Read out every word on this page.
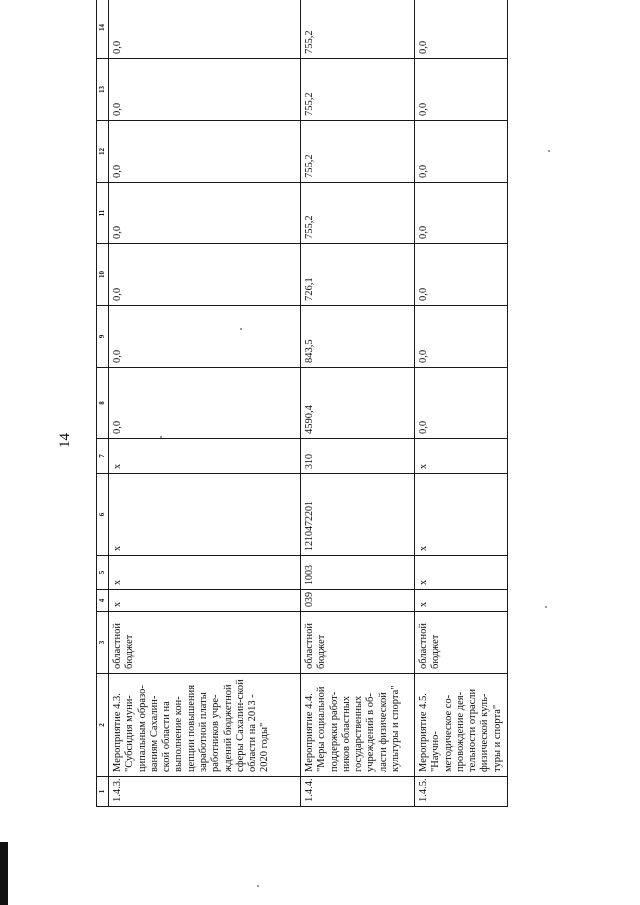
14
1	2	3	4	5	6	7	8	9	10	11	12	13	14
1.4.3.	Мероприятие 4.3. "Субсидия муни-ципальным образо-ваниям Сахалин-ской области на выполнение кон-цепции повышения заработной платы работников учре-ждений бюджетной сферы Сахалин-ской области на 2013 - 2020 годы"	областной бюджет	х	х	х	х	0,0	0,0	0,0	0,0	0,0	0,0	0,0
1.4.4.	Мероприятие 4.4. "Меры социальной поддержки работ-ников областных государственных учреждений в об-ласти физической культуры и спорта"	областной бюджет	039	1003	1210472201	310	4590,4	843,5	726,1	755,2	755,2	755,2	755,2
1.4.5.	Мероприятие 4.5. "Научно-методическое со-провождение дея-тельности отрасли физической куль-туры и спорта"	областной бюджет	х	х	х	х	0,0	0,0	0,0	0,0	0,0	0,0	0,0
